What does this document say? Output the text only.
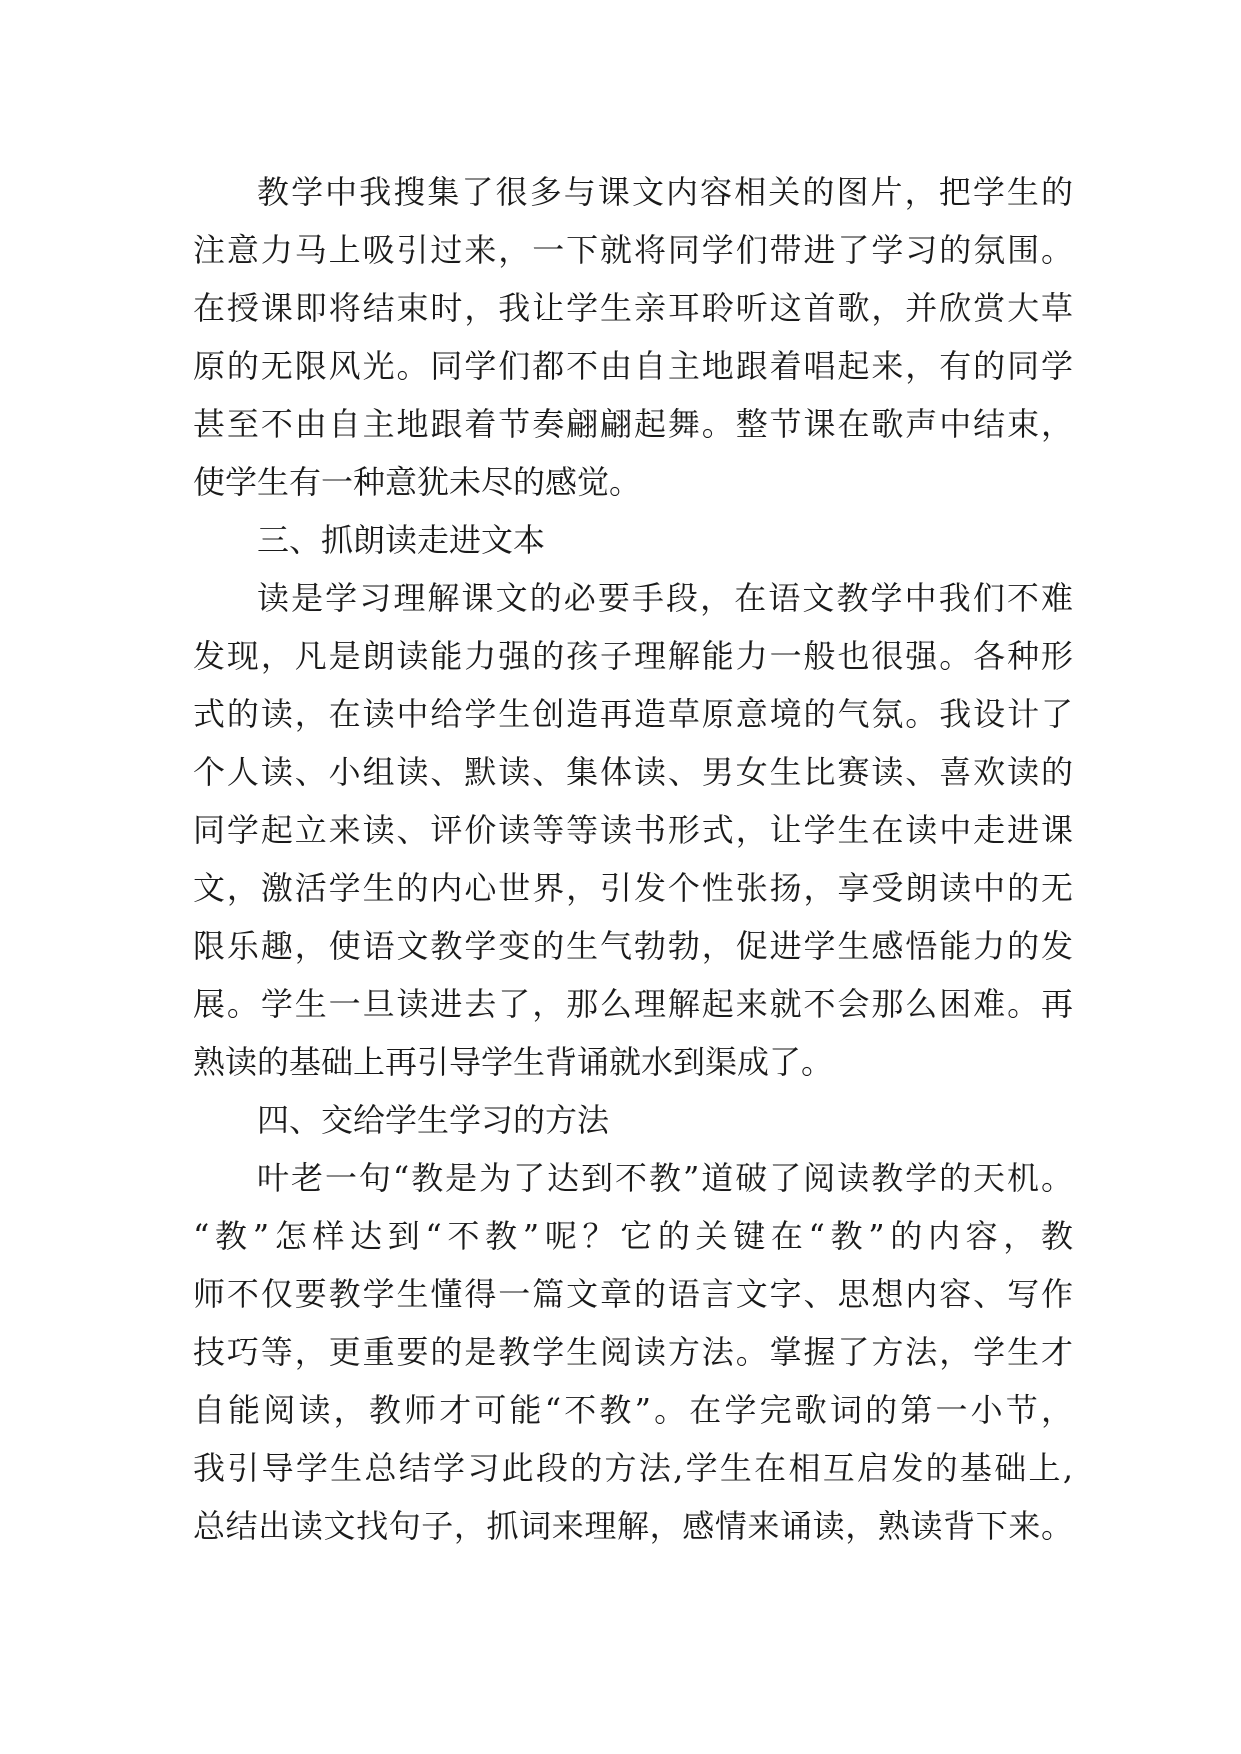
教学中我搜集了很多与课文内容相关的图片，把学生的
注意力马上吸引过来，一下就将同学们带进了学习的氛围。
在授课即将结束时，我让学生亲耳聆听这首歌，并欣赏大草
原的无限风光。同学们都不由自主地跟着唱起来，有的同学
甚至不由自主地跟着节奏翩翩起舞。整节课在歌声中结束，
使学生有一种意犹未尽的感觉。
三、抓朗读走进文本
读是学习理解课文的必要手段，在语文教学中我们不难
发现，凡是朗读能力强的孩子理解能力一般也很强。各种形
式的读，在读中给学生创造再造草原意境的气氛。我设计了
个人读、小组读、默读、集体读、男女生比赛读、喜欢读的
同学起立来读、评价读等等读书形式，让学生在读中走进课
文，激活学生的内心世界，引发个性张扬，享受朗读中的无
限乐趣，使语文教学变的生气勃勃，促进学生感悟能力的发
展。学生一旦读进去了，那么理解起来就不会那么困难。再
熟读的基础上再引导学生背诵就水到渠成了。
四、交给学生学习的方法
叶老一句“教是为了达到不教”道破了阅读教学的天机。
“教”怎样达到“不教”呢？它的关键在“教”的内容，教
师不仅要教学生懂得一篇文章的语言文字、思想内容、写作
技巧等，更重要的是教学生阅读方法。掌握了方法，学生才
自能阅读，教师才可能“不教”。在学完歌词的第一小节，
我引导学生总结学习此段的方法,学生在相互启发的基础上,
总结出读文找句子，抓词来理解，感情来诵读，熟读背下来。
